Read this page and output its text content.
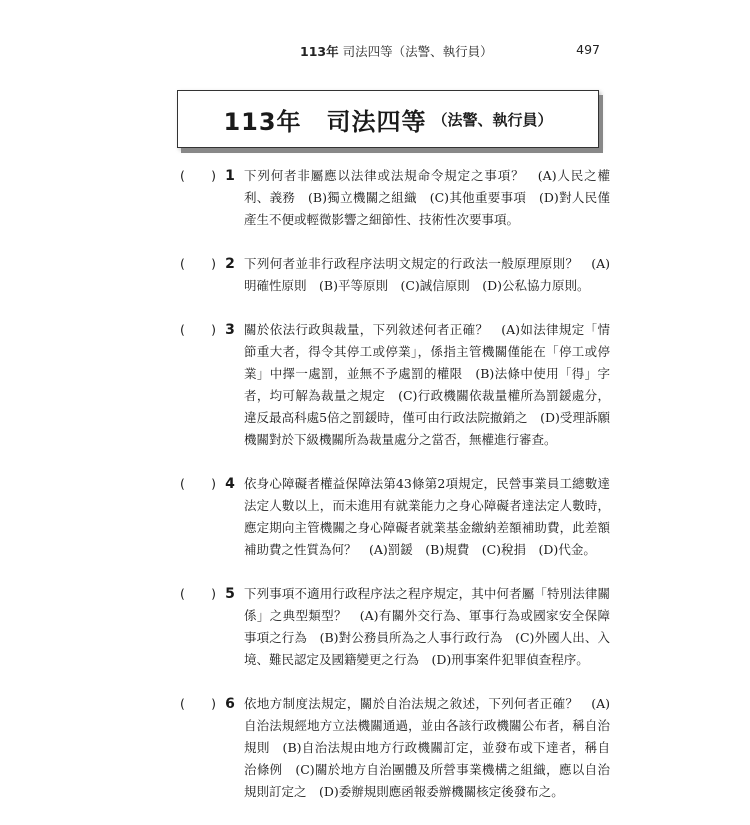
113年 司法四等（法警、執行員）	497
113年　司法四等 （法警、執行員）
( ) 1 下列何者非屬應以法律或法規命令規定之事項？　(A)人民之權利、義務　(B)獨立機關之組織　(C)其他重要事項　(D)對人民僅產生不便或輕微影響之細節性、技術性次要事項。
( ) 2 下列何者並非行政程序法明文規定的行政法一般原理原則？　(A)明確性原則　(B)平等原則　(C)誠信原則　(D)公私協力原則。
( ) 3 關於依法行政與裁量，下列敘述何者正確？　(A)如法律規定「情節重大者，得令其停工或停業」，係指主管機關僅能在「停工或停業」中擇一處罰，並無不予處罰的權限　(B)法條中使用「得」字者，均可解為裁量之規定　(C)行政機關依裁量權所為罰鍰處分，違反最高科處5倍之罰鍰時，僅可由行政法院撤銷之　(D)受理訴願機關對於下級機關所為裁量處分之當否，無權進行審查。
( ) 4 依身心障礙者權益保障法第43條第2項規定，民營事業員工總數達法定人數以上，而未進用有就業能力之身心障礙者達法定人數時，應定期向主管機關之身心障礙者就業基金繳納差額補助費，此差額補助費之性質為何？　(A)罰鍰　(B)規費　(C)稅捐　(D)代金。
( ) 5 下列事項不適用行政程序法之程序規定，其中何者屬「特別法律關係」之典型類型？　(A)有關外交行為、軍事行為或國家安全保障事項之行為　(B)對公務員所為之人事行政行為　(C)外國人出、入境、難民認定及國籍變更之行為　(D)刑事案件犯罪偵查程序。
( ) 6 依地方制度法規定，關於自治法規之敘述，下列何者正確？　(A)自治法規經地方立法機關通過，並由各該行政機關公布者，稱自治規則　(B)自治法規由地方行政機關訂定，並發布或下達者，稱自治條例　(C)關於地方自治團體及所營事業機構之組織，應以自治規則訂定之　(D)委辦規則應函報委辦機關核定後發布之。
